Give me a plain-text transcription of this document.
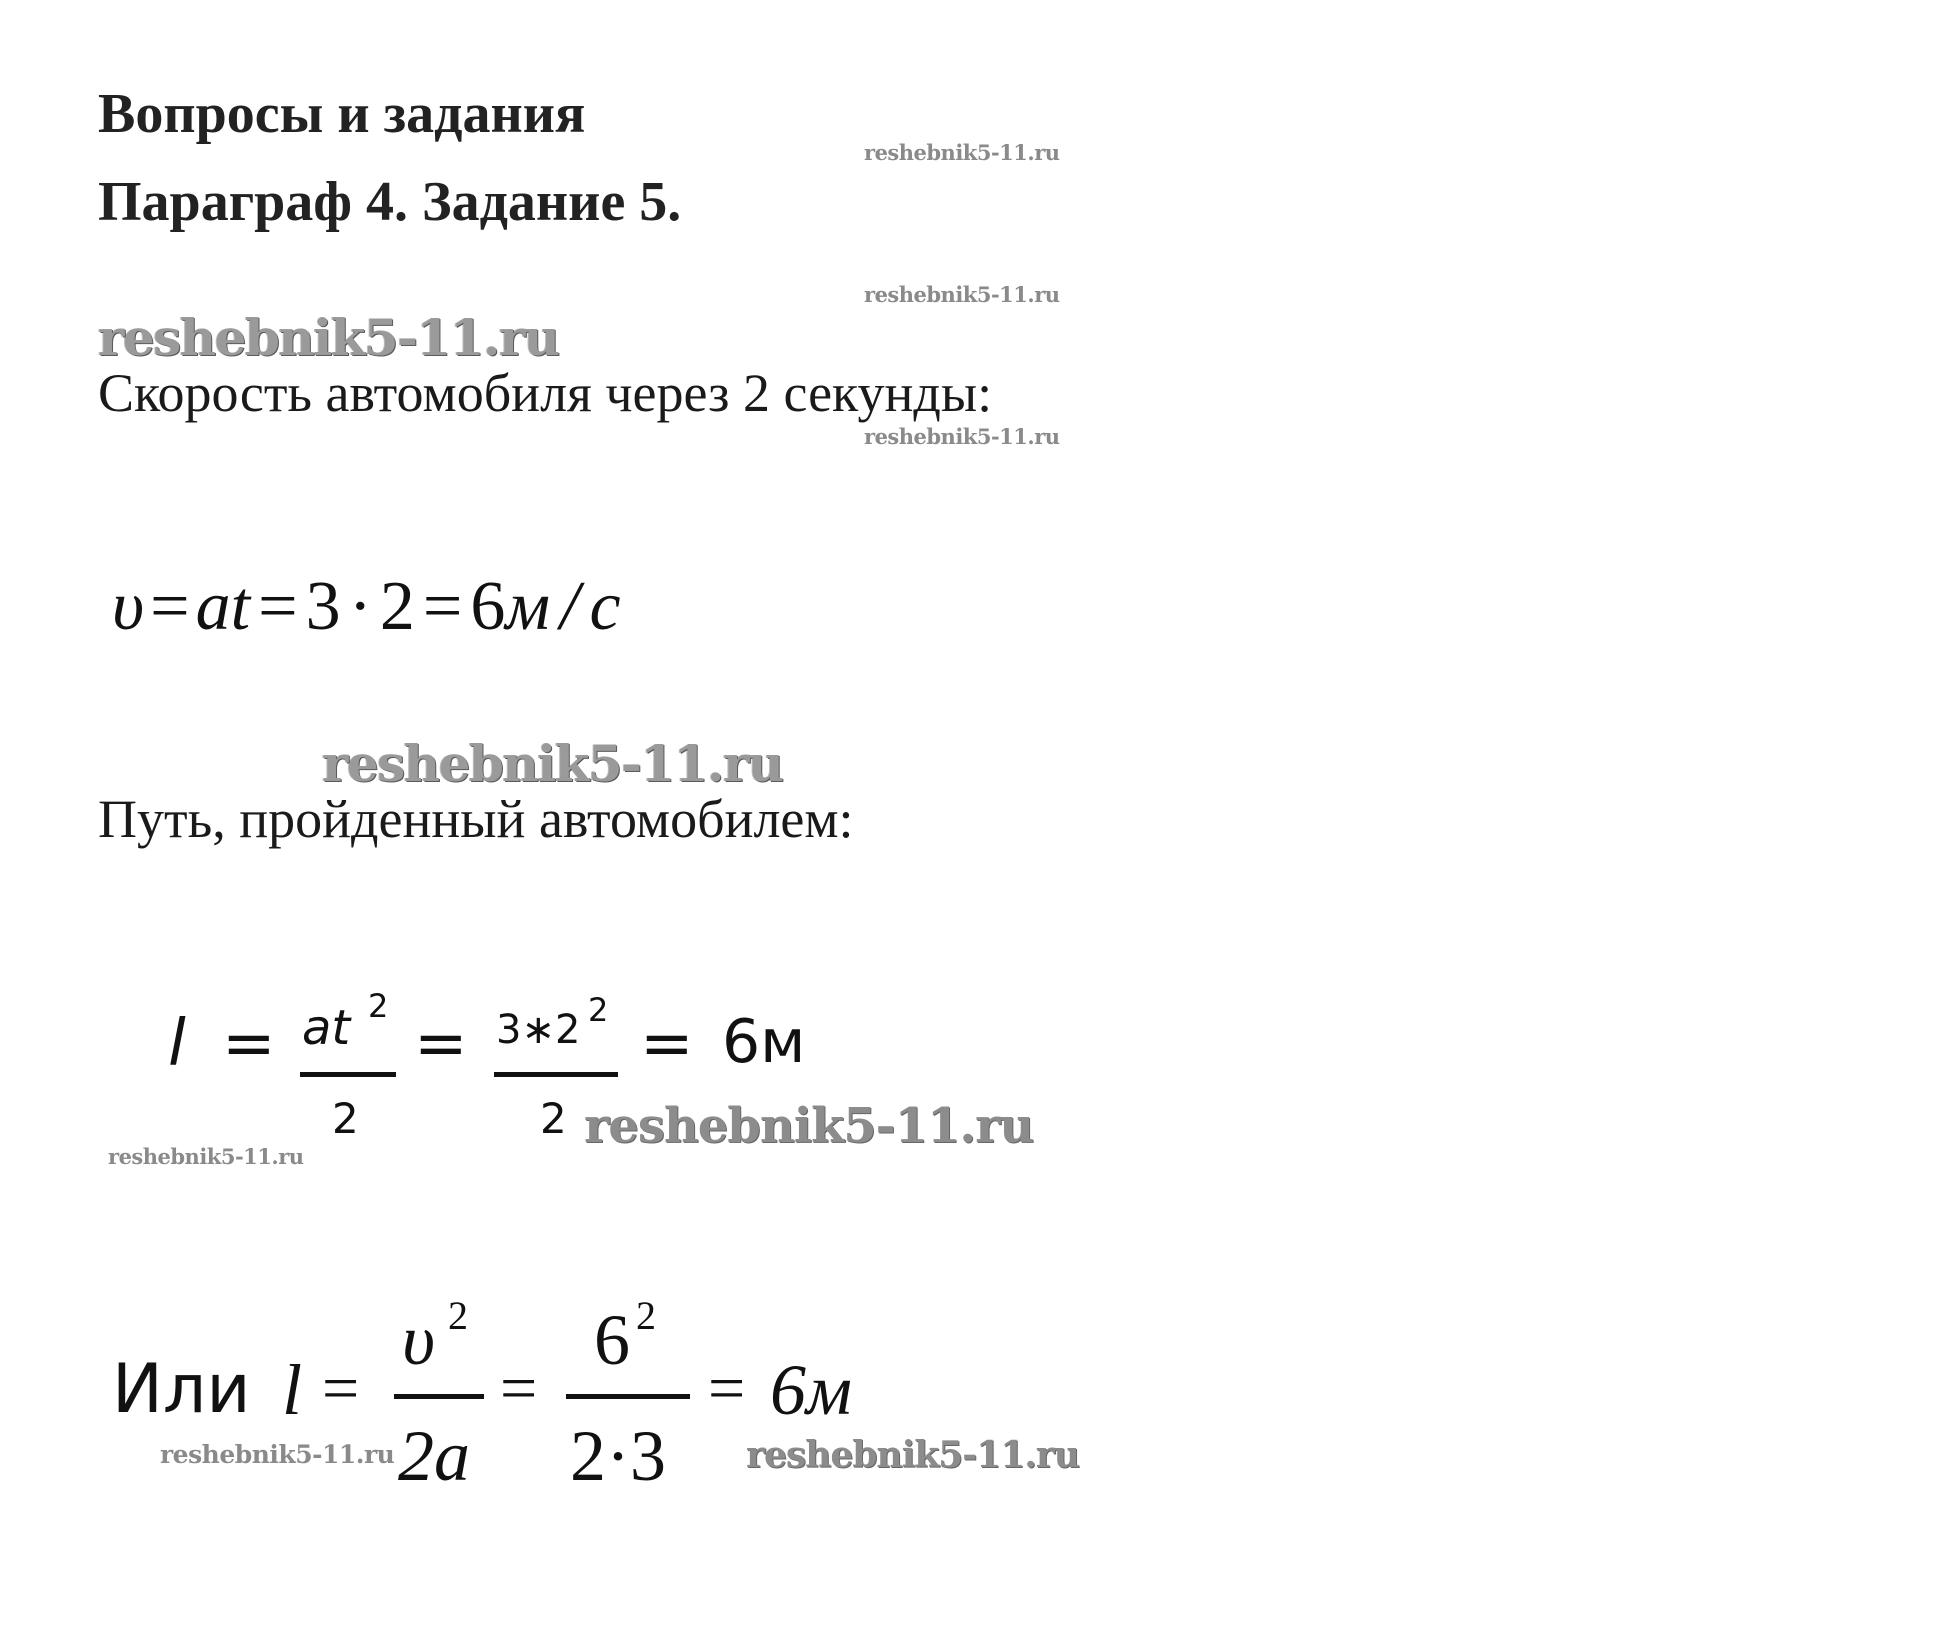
Вопросы и задания
Параграф 4. Задание 5.
reshebnik5-11.ru
reshebnik5-11.ru
reshebnik5-11.ru
Скорость автомобиля через 2 секунды:
reshebnik5-11.ru
υ=at = 3 · 2 = 6м / с
reshebnik5-11.ru
Путь, пройденный автомобилем:
l = at 2
2
= 3∗2 2
2
= 6м
reshebnik5-11.ru
reshebnik5-11.ru
Или l =
υ 2
2a
=
6 2
2·3
= 6м
reshebnik5-11.ru	reshebnik5-11.ru
